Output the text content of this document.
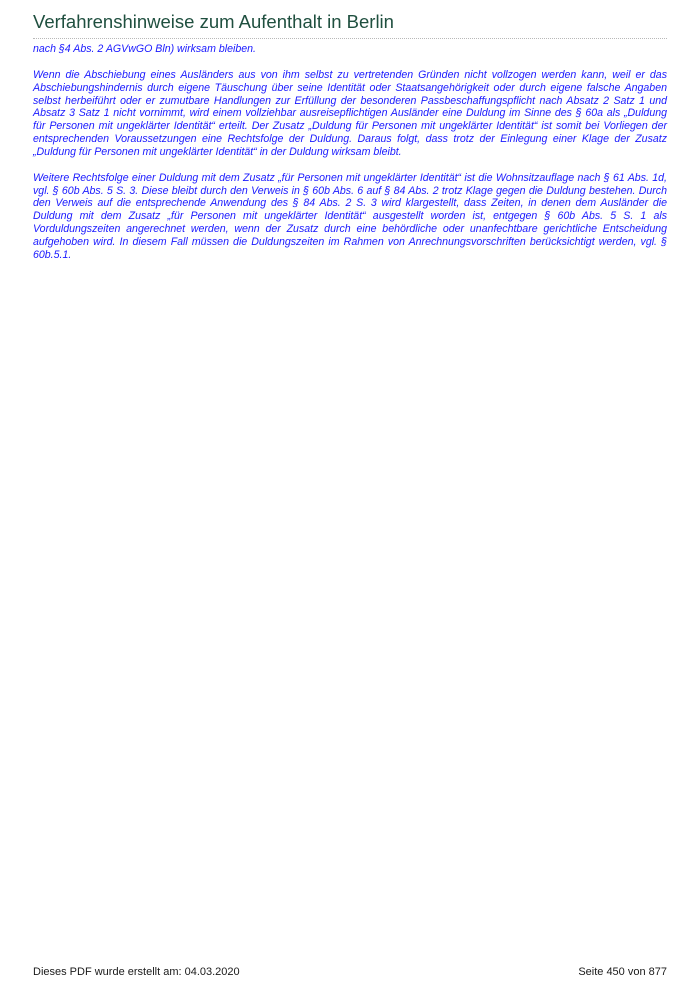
Verfahrenshinweise zum Aufenthalt in Berlin

nach §4 Abs. 2 AGVwGO Bln) wirksam bleiben.

Wenn die Abschiebung eines Ausländers aus von ihm selbst zu vertretenden Gründen nicht vollzogen werden kann, weil er das Abschiebungshindernis durch eigene Täuschung über seine Identität oder Staatsangehörigkeit oder durch eigene falsche Angaben selbst herbeiführt oder er zumutbare Handlungen zur Erfüllung der besonderen Passbeschaffungspflicht nach Absatz 2 Satz 1 und Absatz 3 Satz 1 nicht vornimmt, wird einem vollziehbar ausreisepflichtigen Ausländer eine Duldung im Sinne des § 60a als „Duldung für Personen mit ungeklärter Identität“ erteilt. Der Zusatz „Duldung für Personen mit ungeklärter Identität“ ist somit bei Vorliegen der entsprechenden Voraussetzungen eine Rechtsfolge der Duldung. Daraus folgt, dass trotz der Einlegung einer Klage der Zusatz „Duldung für Personen mit ungeklärter Identität“ in der Duldung wirksam bleibt.

Weitere Rechtsfolge einer Duldung mit dem Zusatz „für Personen mit ungeklärter Identität“ ist die Wohnsitzauflage nach § 61 Abs. 1d, vgl. § 60b Abs. 5 S. 3. Diese bleibt durch den Verweis in § 60b Abs. 6 auf § 84 Abs. 2 trotz Klage gegen die Duldung bestehen. Durch den Verweis auf die entsprechende Anwendung des § 84 Abs. 2 S. 3 wird klargestellt, dass Zeiten, in denen dem Ausländer die Duldung mit dem Zusatz „für Personen mit ungeklärter Identität“ ausgestellt worden ist, entgegen § 60b Abs. 5 S. 1 als Vorduldungszeiten angerechnet werden, wenn der Zusatz durch eine behördliche oder unanfechtbare gerichtliche Entscheidung aufgehoben wird. In diesem Fall müssen die Duldungszeiten im Rahmen von Anrechnungsvorschriften berücksichtigt werden, vgl. § 60b.5.1.

Dieses PDF wurde erstellt am: 04.03.2020	Seite 450 von 877
